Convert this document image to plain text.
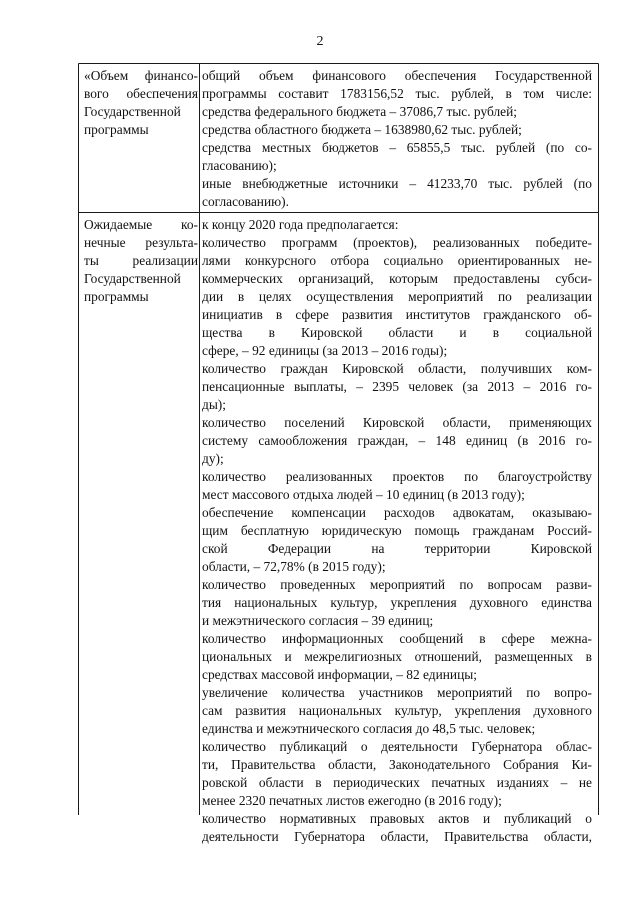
2
«Объем финансо-
вого обеспечения
Государственной
программы
общий объем финансового обеспечения Государственной
программы составит 1783156,52 тыс. рублей, в том числе:
средства федерального бюджета – 37086,7 тыс. рублей;
средства областного бюджета – 1638980,62 тыс. рублей;
средства местных бюджетов – 65855,5 тыс. рублей (по со-
гласованию);
иные внебюджетные источники – 41233,70 тыс. рублей (по
согласованию).
Ожидаемые ко-
нечные результа-
ты реализации
Государственной
программы
к концу 2020 года предполагается:
количество программ (проектов), реализованных победите-
лями конкурсного отбора социально ориентированных не-
коммерческих организаций, которым предоставлены субси-
дии в целях осуществления мероприятий по реализации
инициатив в сфере развития институтов гражданского об-
щества в Кировской области и в социальной
сфере, – 92 единицы (за 2013 – 2016 годы);
количество граждан Кировской области, получивших ком-
пенсационные выплаты, – 2395 человек (за 2013 – 2016 го-
ды);
количество поселений Кировской области, применяющих
систему самообложения граждан, – 148 единиц (в 2016 го-
ду);
количество реализованных проектов по благоустройству
мест массового отдыха людей – 10 единиц (в 2013 году);
обеспечение компенсации расходов адвокатам, оказываю-
щим бесплатную юридическую помощь гражданам Россий-
ской Федерации на территории Кировской
области, – 72,78% (в 2015 году);
количество проведенных мероприятий по вопросам разви-
тия национальных культур, укрепления духовного единства
и межэтнического согласия – 39 единиц;
количество информационных сообщений в сфере межна-
циональных и межрелигиозных отношений, размещенных в
средствах массовой информации, – 82 единицы;
увеличение количества участников мероприятий по вопро-
сам развития национальных культур, укрепления духовного
единства и межэтнического согласия до 48,5 тыс. человек;
количество публикаций о деятельности Губернатора облас-
ти, Правительства области, Законодательного Собрания Ки-
ровской области в периодических печатных изданиях – не
менее 2320 печатных листов ежегодно (в 2016 году);
количество нормативных правовых актов и публикаций о
деятельности Губернатора области, Правительства области,
